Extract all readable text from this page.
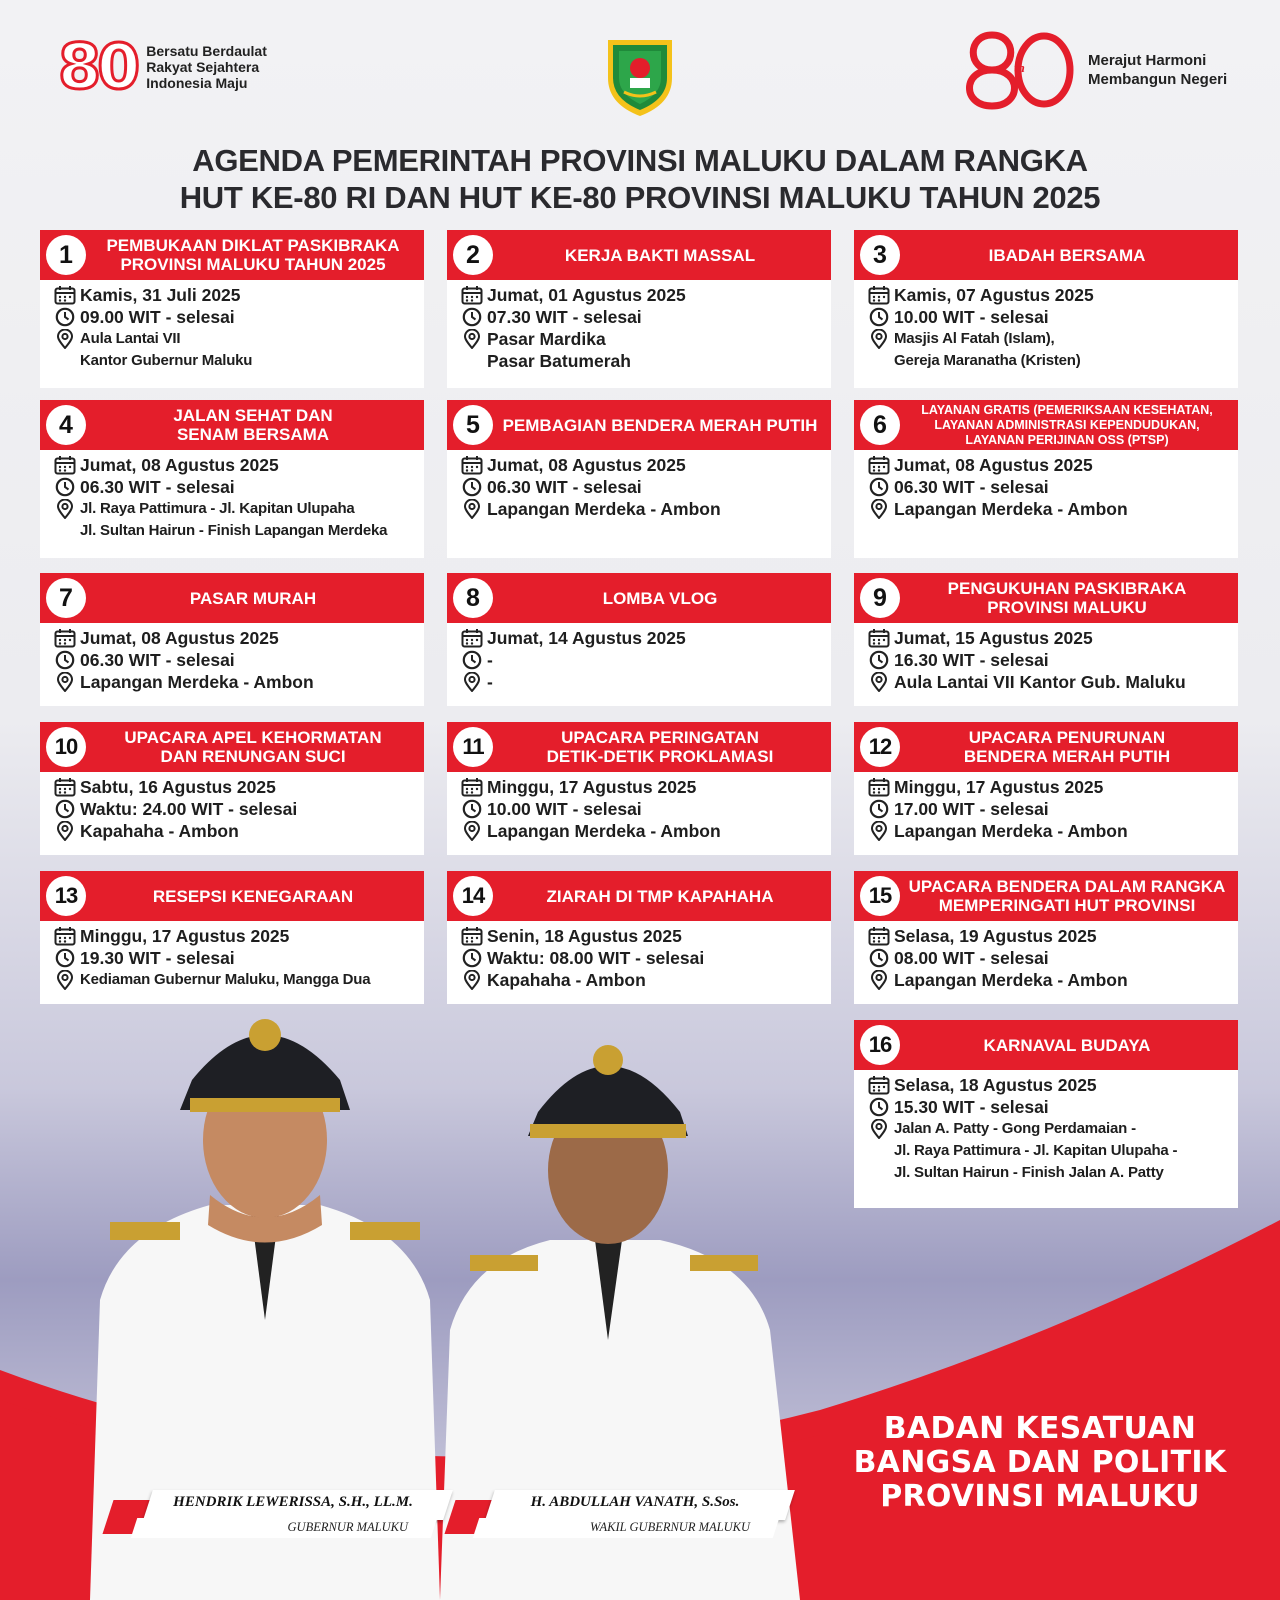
80 Bersatu Berdaulat
Rakyat Sejahtera
Indonesia Maju
th	Merajut Harmoni
Membangun Negeri
AGENDA PEMERINTAH PROVINSI MALUKU DALAM RANGKA
HUT KE-80 RI DAN HUT KE-80 PROVINSI MALUKU TAHUN 2025
1	PEMBUKAAN DIKLAT PASKIBRAKA
PROVINSI MALUKU TAHUN 2025
Kamis, 31 Juli 2025
09.00 WIT - selesai
Aula Lantai VII
Kantor Gubernur Maluku
2	KERJA BAKTI MASSAL
Jumat, 01 Agustus 2025
07.30 WIT - selesai
Pasar Mardika
Pasar Batumerah
3	IBADAH BERSAMA
Kamis, 07 Agustus 2025
10.00 WIT - selesai
Masjis Al Fatah (Islam),
Gereja Maranatha (Kristen)
4	JALAN SEHAT DAN
SENAM BERSAMA
Jumat, 08 Agustus 2025
06.30 WIT - selesai
Jl. Raya Pattimura - Jl. Kapitan Ulupaha
Jl. Sultan Hairun - Finish Lapangan Merdeka
5	PEMBAGIAN BENDERA MERAH PUTIH
Jumat, 08 Agustus 2025
06.30 WIT - selesai
Lapangan Merdeka - Ambon
6
LAYANAN GRATIS (PEMERIKSAAN KESEHATAN,
LAYANAN ADMINISTRASI KEPENDUDUKAN,
LAYANAN PERIJINAN OSS (PTSP)
Jumat, 08 Agustus 2025
06.30 WIT - selesai
Lapangan Merdeka - Ambon
7	PASAR MURAH
Jumat, 08 Agustus 2025
06.30 WIT - selesai
Lapangan Merdeka - Ambon
8	LOMBA VLOG
Jumat, 14 Agustus 2025
-
-
9	PENGUKUHAN PASKIBRAKA
PROVINSI MALUKU
Jumat, 15 Agustus 2025
16.30 WIT - selesai
Aula Lantai VII Kantor Gub. Maluku
10	UPACARA APEL KEHORMATAN
DAN RENUNGAN SUCI
Sabtu, 16 Agustus 2025
Waktu: 24.00 WIT - selesai
Kapahaha - Ambon
11	UPACARA PERINGATAN
DETIK-DETIK PROKLAMASI
Minggu, 17 Agustus 2025
10.00 WIT - selesai
Lapangan Merdeka - Ambon
12	UPACARA PENURUNAN
BENDERA MERAH PUTIH
Minggu, 17 Agustus 2025
17.00 WIT - selesai
Lapangan Merdeka - Ambon
13	RESEPSI KENEGARAAN
Minggu, 17 Agustus 2025
19.30 WIT - selesai
Kediaman Gubernur Maluku, Mangga Dua
14	ZIARAH DI TMP KAPAHAHA
Senin, 18 Agustus 2025
Waktu: 08.00 WIT - selesai
Kapahaha - Ambon
15	UPACARA BENDERA DALAM RANGKA
MEMPERINGATI HUT PROVINSI
Selasa, 19 Agustus 2025
08.00 WIT - selesai
Lapangan Merdeka - Ambon
16	KARNAVAL BUDAYA
Selasa, 18 Agustus 2025
15.30 WIT - selesai
Jalan A. Patty - Gong Perdamaian -
Jl. Raya Pattimura - Jl. Kapitan Ulupaha -
Jl. Sultan Hairun - Finish Jalan A. Patty
HENDRIK LEWERISSA, S.H., LL.M.
GUBERNUR MALUKU
H. ABDULLAH VANATH, S.Sos.
WAKIL GUBERNUR MALUKU
BADAN KESATUAN
BANGSA DAN POLITIK
PROVINSI MALUKU
